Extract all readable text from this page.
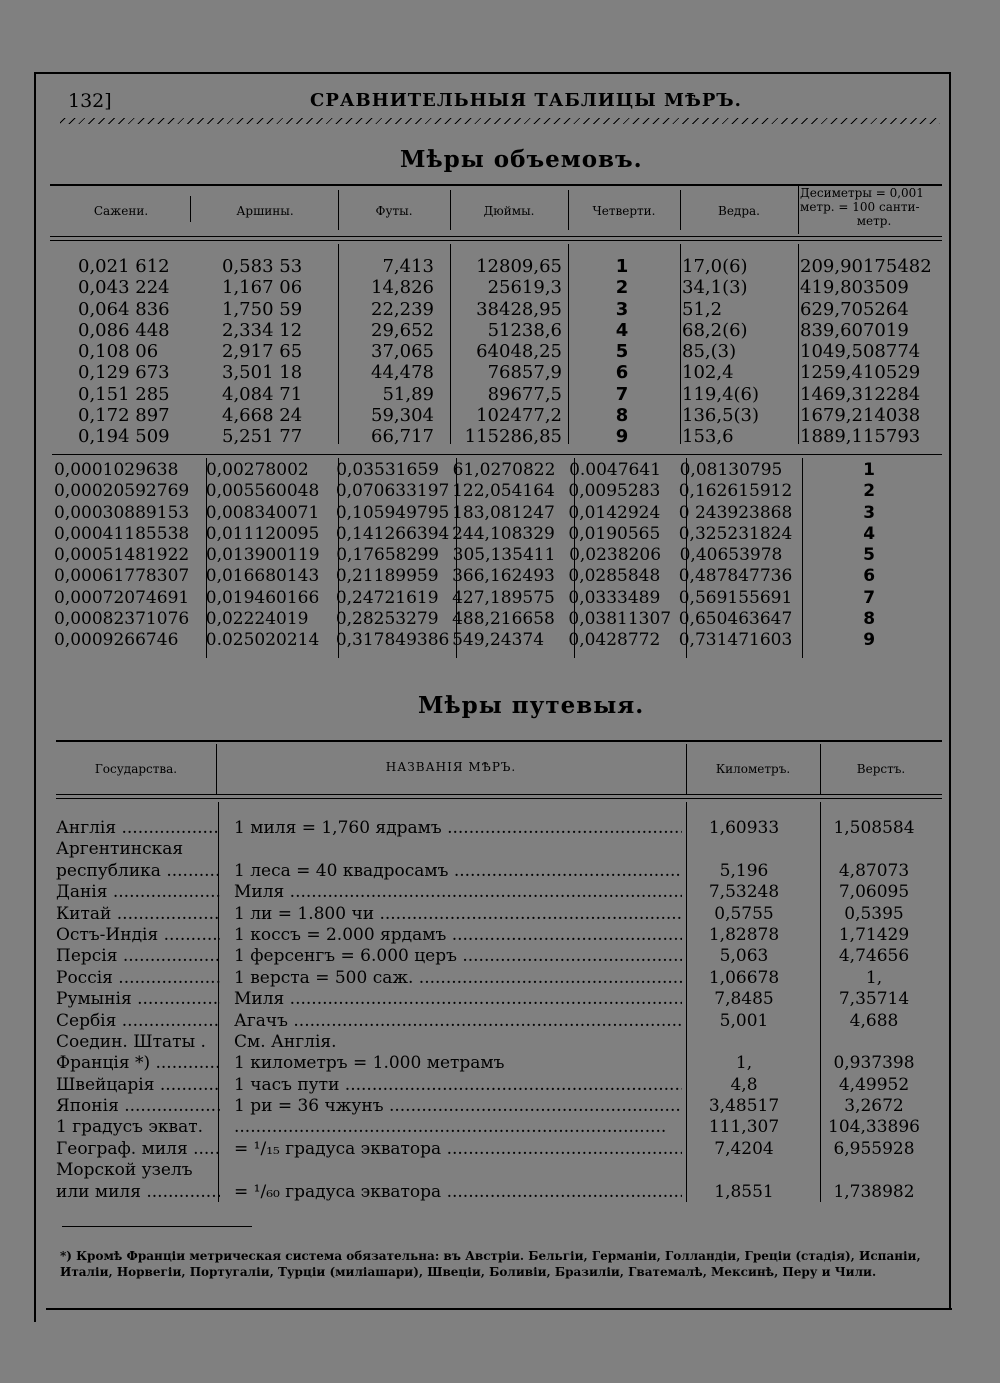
132]	СРАВНИТЕЛЬНЫЯ ТАБЛИЦЫ МѢРЪ.
Мѣры объемовъ.
Сажени.	Аршины.	Футы.	Дюймы.	Четверти.	Ведра.
Десиметры = 0,001
метр. = 100 санти-
метр.
0,021 612	0,583 53	7,413	12809,65	1	17,0(6)	209,90175482
0,043 224	1,167 06	14,826	25619,3	2	34,1(3)	419,803509
0,064 836	1,750 59	22,239	38428,95	3	51,2	629,705264
0,086 448	2,334 12	29,652	51238,6	4	68,2(6)	839,607019
0,108 06	2,917 65	37,065	64048,25	5	85,(3)	1049,508774
0,129 673	3,501 18	44,478	76857,9	6	102,4	1259,410529
0,151 285	4,084 71	51,89	89677,5	7	119,4(6)	1469,312284
0,172 897	4,668 24	59,304	102477,2	8	136,5(3)	1679,214038
0,194 509	5,251 77	66,717	115286,85	9	153,6	1889,115793
0,0001029638	0,00278002	0,03531659 61,0270822 0.0047641	0,08130795	1
0,00020592769 0,005560048 0,070633197 122,054164 0,0095283	0,162615912	2
0,00030889153 0,008340071 0,105949795 183,081247 0,0142924	0 243923868	3
0,00041185538 0,011120095 0,141266394 244,108329 0,0190565	0,325231824	4
0,00051481922 0,013900119 0,17658299 305,135411 0,0238206	0,40653978	5
0,00061778307 0,016680143 0,21189959 366,162493 0,0285848	0,487847736	6
0,00072074691 0,019460166 0,24721619 427,189575 0,0333489	0,569155691	7
0,00082371076 0,02224019	0,28253279 488,216658 0,03811307 0,650463647	8
0,0009266746	0.025020214 0,317849386 549,24374	0,0428772	0,731471603	9
Мѣры путевыя.
Государства.	НАЗВАНІЯ МѢРЪ.	Километръ.	Верстъ.
Англія .....	1 миля = 1,760 ядрамъ .....	1,60933	1,508584
Аргентинская
республика .....	1 леса = 40 квадросамъ .....	5,196	4,87073
Данія .....	Миля .....	7,53248	7,06095
Китай .....	1 ли = 1.800 чи .....	0,5755	0,5395
Остъ-Индія .....	1 коссъ = 2.000 ярдамъ .....	1,82878	1,71429
Персія .....	1 ферсенгъ = 6.000 церъ .....	5,063	4,74656
Россія .....	1 верста = 500 саж. .....	1,06678	1,
Румынія .....	Миля .....	7,8485	7,35714
Сербія .....	Агачъ .....	5,001	4,688
Соедин. Штаты .	См. Англія.
Франція *) .....	1 километръ = 1.000 метрамъ	1,	0,937398
Швейцарія .....	1 часъ пути .....	4,8	4,49952
Японія .....	1 ри = 36 чжунъ .....	3,48517	3,2672
1 градусъ экват.
.....	111,307	104,33896
Географ. миля .....	= ¹/₁₅ градуса экватора .....	7,4204	6,955928
Морской узелъ
или миля .....	= ¹/₆₀ градуса экватора .....	1,8551	1,738982
*) Кромѣ Франціи метрическая система обязательна: въ Австріи. Бельгіи, Германіи, Голландіи, Греціи (стадія), Испаніи, Италіи, Норвегіи, Португаліи, Турціи (миліашари), Швеціи, Боливіи, Бразиліи, Гватемалѣ, Мексинѣ, Перу и Чили.
